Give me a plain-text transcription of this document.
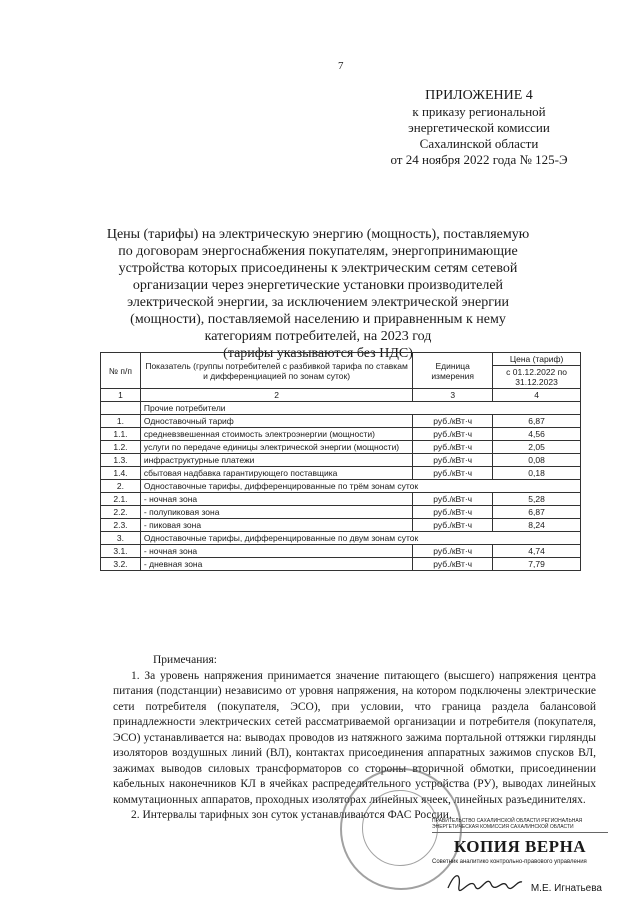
7
ПРИЛОЖЕНИЕ 4
к приказу региональной
энергетической комиссии
Сахалинской области
от 24 ноября 2022 года № 125-Э
Цены (тарифы) на электрическую энергию (мощность), поставляемую по договорам энергоснабжения покупателям, энергопринимающие устройства которых присоединены к электрическим сетям сетевой организации через энергетические установки производителей электрической энергии, за исключением электрической энергии (мощности), поставляемой населению и приравненным к нему категориям потребителей, на 2023 год
(тарифы указываются без НДС)
№ п/п	Показатель (группы потребителей с разбивкой тарифа по ставкам и дифференциацией по зонам суток)	Единица измерения	Цена (тариф)
			с 01.12.2022 по 31.12.2023
1	2	3	4
	Прочие потребители		
1.	Одноставочный тариф	руб./кВт·ч	6,87
1.1.	средневзвешенная стоимость электроэнергии (мощности)	руб./кВт·ч	4,56
1.2.	услуги по передаче единицы электрической энергии (мощности)	руб./кВт·ч	2,05
1.3.	инфраструктурные платежи	руб./кВт·ч	0,08
1.4.	сбытовая надбавка гарантирующего поставщика	руб./кВт·ч	0,18
2.	Одноставочные тарифы, дифференцированные по трём зонам суток		
2.1.	- ночная зона	руб./кВт·ч	5,28
2.2.	- полупиковая зона	руб./кВт·ч	6,87
2.3.	- пиковая зона	руб./кВт·ч	8,24
3.	Одноставочные тарифы, дифференцированные по двум зонам суток		
3.1.	- ночная зона	руб./кВт·ч	4,74
3.2.	- дневная зона	руб./кВт·ч	7,79

Примечания:

1. За уровень напряжения принимается значение питающего (высшего) напряжения центра питания (подстанции) независимо от уровня напряжения, на котором подключены электрические сети потребителя (покупателя, ЭСО), при условии, что граница раздела балансовой принадлежности электрических сетей рассматриваемой организации и потребителя (покупателя, ЭСО) устанавливается на: выводах проводов из натяжного зажима портальной оттяжки гирлянды изоляторов воздушных линий (ВЛ), контактах присоединения аппаратных зажимов спусков ВЛ, зажимах выводов силовых трансформаторов со стороны вторичной обмотки, присоединении кабельных наконечников КЛ в ячейках распределительного устройства (РУ), выводах линейных коммутационных аппаратов, проходных изоляторах линейных ячеек, линейных разъединителях.

2. Интервалы тарифных зон суток устанавливаются ФАС России.

ПРАВИТЕЛЬСТВО САХАЛИНСКОЙ ОБЛАСТИ РЕГИОНАЛЬНАЯ ЭНЕРГЕТИЧЕСКАЯ КОМИССИЯ САХАЛИНСКОЙ ОБЛАСТИ
КОПИЯ ВЕРНА
Советник аналитико контрольно-правового управления
М.Е. Игнатьева
